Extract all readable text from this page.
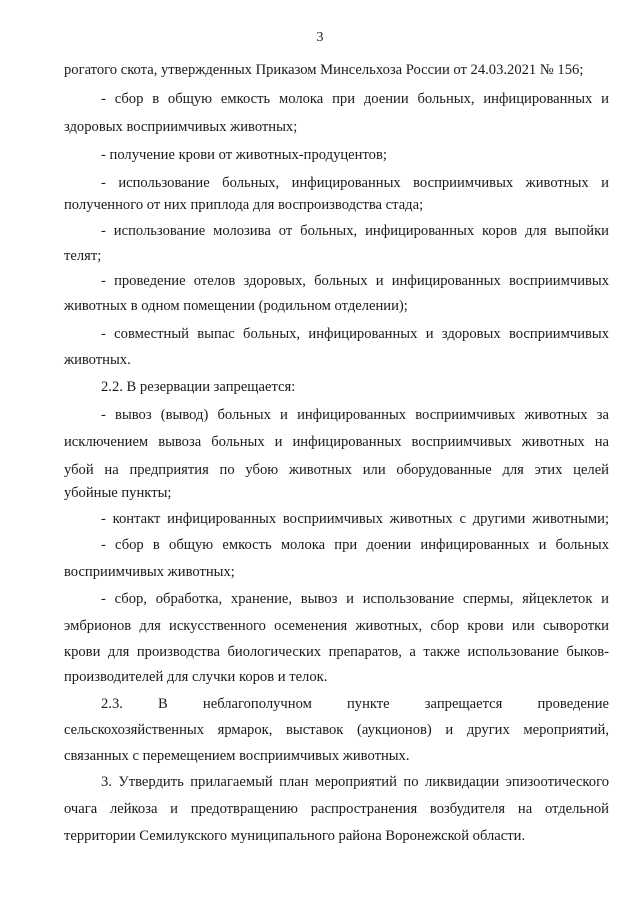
3
рогатого скота, утвержденных Приказом Минсельхоза России от 24.03.2021 № 156;
- сбор в общую емкость молока при доении больных, инфицированных и
здоровых восприимчивых животных;
- получение крови от животных-продуцентов;
- использование больных, инфицированных восприимчивых животных и
полученного от них приплода для воспроизводства стада;
- использование молозива от больных, инфицированных коров для выпойки
телят;
- проведение отелов здоровых, больных и инфицированных восприимчивых
животных в одном помещении (родильном отделении);
- совместный выпас больных, инфицированных и здоровых восприимчивых
животных.
2.2. В резервации запрещается:
- вывоз (вывод) больных и инфицированных восприимчивых животных за
исключением вывоза больных и инфицированных восприимчивых животных на
убой на предприятия по убою животных или оборудованные для этих целей
убойные пункты;
- контакт инфицированных восприимчивых животных с другими животными;
- сбор в общую емкость молока при доении инфицированных и больных
восприимчивых животных;
- сбор, обработка, хранение, вывоз и использование спермы, яйцеклеток и
эмбрионов для искусственного осеменения животных, сбор крови или сыворотки
крови для производства биологических препаратов, а также использование быков-
производителей для случки коров и телок.
2.3. В неблагополучном пункте запрещается проведение
сельскохозяйственных ярмарок, выставок (аукционов) и других мероприятий,
связанных с перемещением восприимчивых животных.
3. Утвердить прилагаемый план мероприятий по ликвидации эпизоотического
очага лейкоза и предотвращению распространения возбудителя на отдельной
территории Семилукского муниципального района Воронежской области.
